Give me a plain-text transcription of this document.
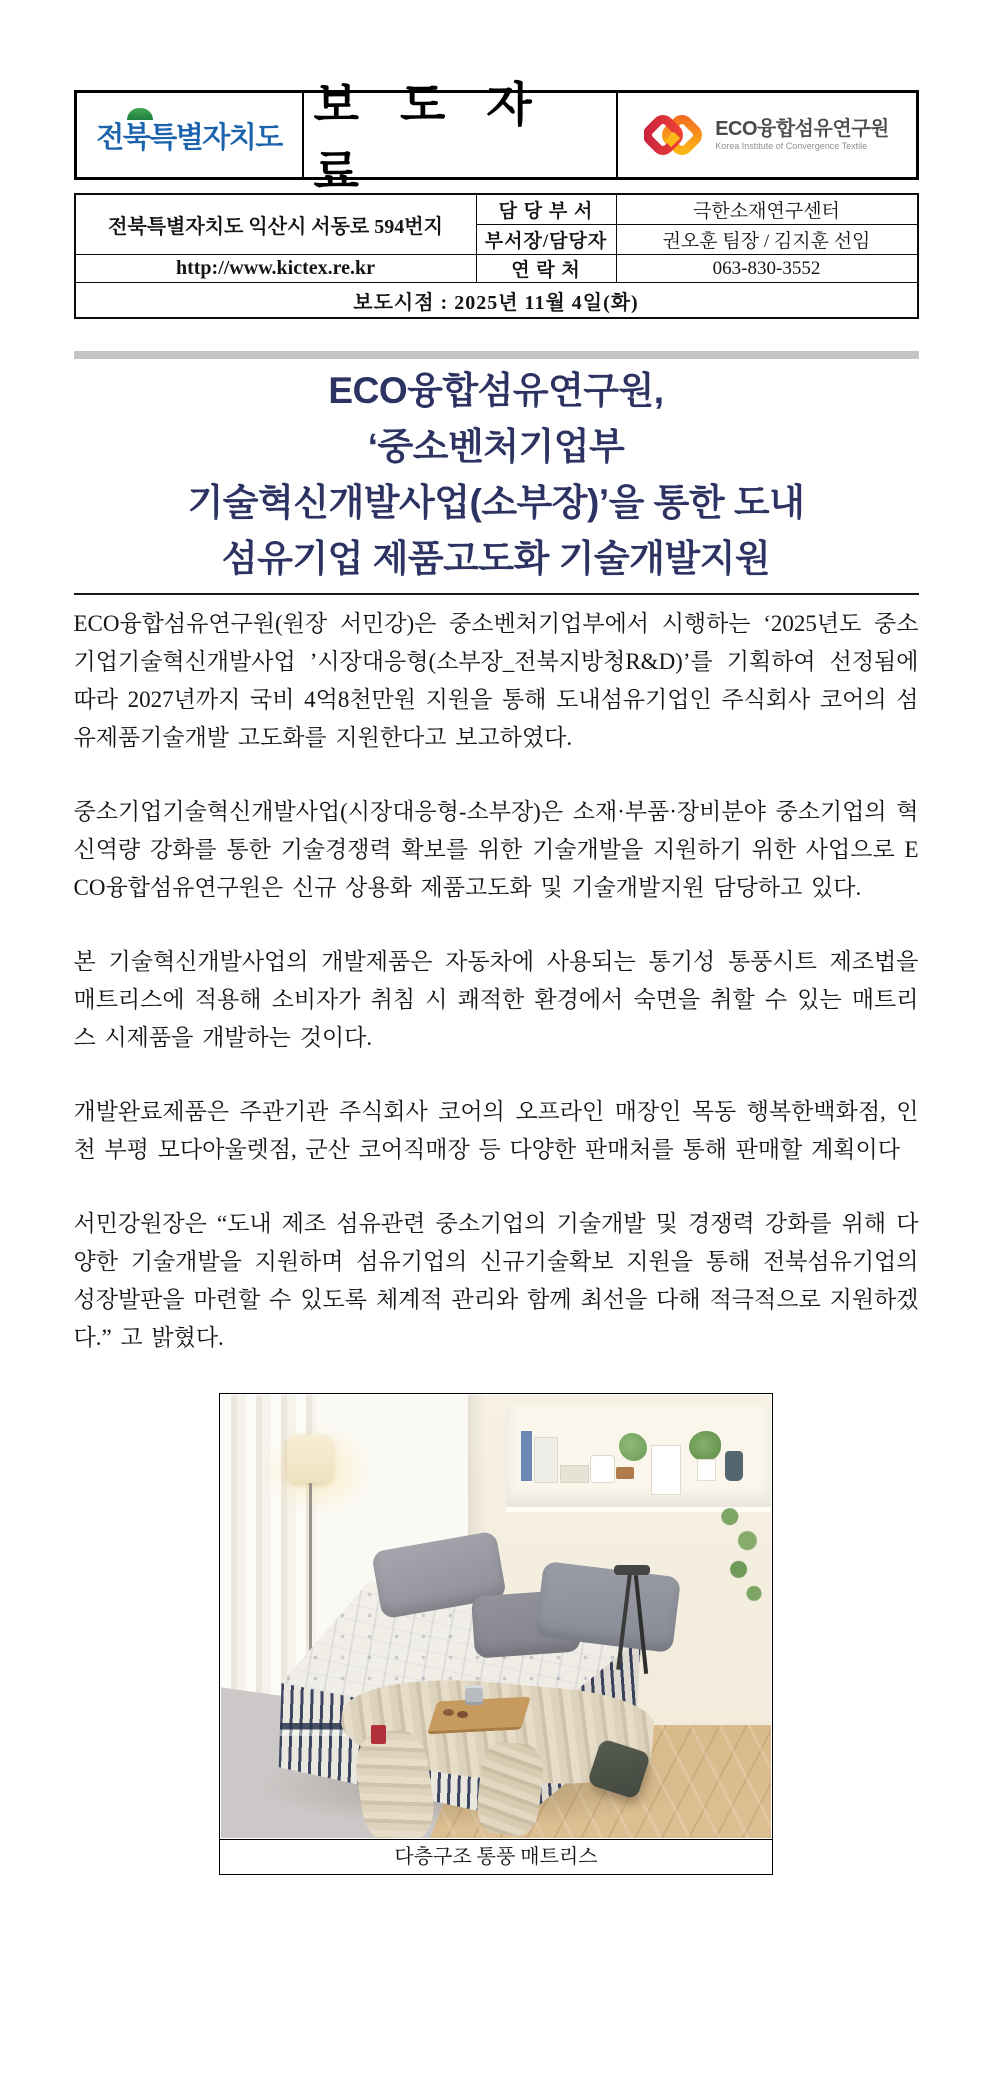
전북특별자치도
보 도 자 료
ECO융합섬유연구원
Korea Institute of Convergence Textile
전북특별자치도 익산시 서동로 594번지
담 당 부 서	극한소재연구센터
부서장/담당자	권오훈 팀장 / 김지훈 선임
http://www.kictex.re.kr	연 락 처	063-830-3552
보도시점 : 2025년 11월 4일(화)
ECO융합섬유연구원,
‘중소벤처기업부
기술혁신개발사업(소부장)’을 통한 도내
섬유기업 제품고도화 기술개발지원

ECO융합섬유연구원(원장 서민강)은 중소벤처기업부에서 시행하는 ‘2025년도 중소기업기술혁신개발사업 ’시장대응형(소부장_전북지방청R&D)’를 기획하여 선정됨에 따라 2027년까지 국비 4억8천만원 지원을 통해 도내섬유기업인 주식회사 코어의 섬유제품기술개발 고도화를 지원한다고 보고하였다.

중소기업기술혁신개발사업(시장대응형-소부장)은 소재·부품·장비분야 중소기업의 혁신역량 강화를 통한 기술경쟁력 확보를 위한 기술개발을 지원하기 위한 사업으로 ECO융합섬유연구원은 신규 상용화 제품고도화 및 기술개발지원 담당하고 있다.

본 기술혁신개발사업의 개발제품은 자동차에 사용되는 통기성 통풍시트 제조법을 매트리스에 적용해 소비자가 취침 시 쾌적한 환경에서 숙면을 취할 수 있는 매트리스 시제품을 개발하는 것이다.

개발완료제품은 주관기관 주식회사 코어의 오프라인 매장인 목동 행복한백화점, 인천 부평 모다아울렛점, 군산 코어직매장 등 다양한 판매처를 통해 판매할 계획이다

서민강원장은 “도내 제조 섬유관련 중소기업의 기술개발 및 경쟁력 강화를 위해 다양한 기술개발을 지원하며 섬유기업의 신규기술확보 지원을 통해 전북섬유기업의 성장발판을 마련할 수 있도록 체계적 관리와 함께 최선을 다해 적극적으로 지원하겠다.” 고 밝혔다.

다층구조 통풍 매트리스
